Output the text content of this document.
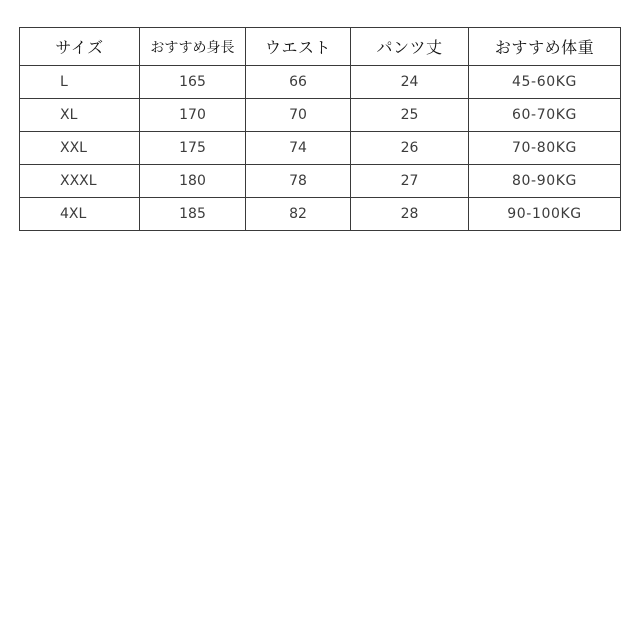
サイズ	おすすめ身長	ウエスト	パンツ丈	おすすめ体重
L	165	66	24	45-60KG
XL	170	70	25	60-70KG
XXL	175	74	26	70-80KG
XXXL	180	78	27	80-90KG
4XL	185	82	28	90-100KG
